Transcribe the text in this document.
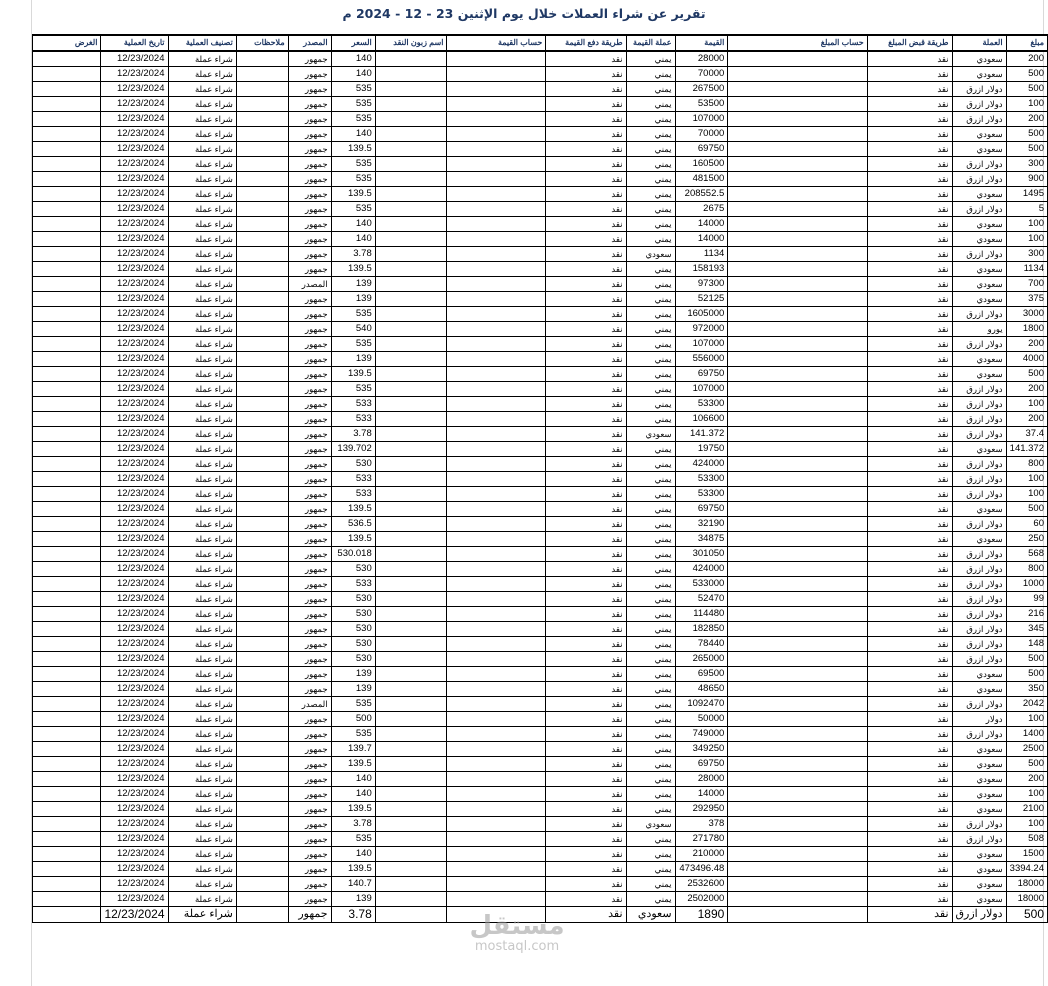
تقرير عن شراء العملات خلال يوم الإثنين 23 - 12 - 2024 م
الغرض	تاريخ العملية	تصنيف العملية	ملاحظات	المصدر	السعر	اسم زبون النقد	حساب القيمة	طريقة دفع القيمة	عملة القيمة	القيمة	حساب المبلغ	طريقة قبض المبلغ	العملة	مبلغ
	12/23/2024	شراء عملة		جمهور	140			نقد	يمني	28000		نقد	سعودي	200
	12/23/2024	شراء عملة		جمهور	140			نقد	يمني	70000		نقد	سعودي	500
	12/23/2024	شراء عملة		جمهور	535			نقد	يمني	267500		نقد	دولار ازرق	500
	12/23/2024	شراء عملة		جمهور	535			نقد	يمني	53500		نقد	دولار ازرق	100
	12/23/2024	شراء عملة		جمهور	535			نقد	يمني	107000		نقد	دولار ازرق	200
	12/23/2024	شراء عملة		جمهور	140			نقد	يمني	70000		نقد	سعودي	500
	12/23/2024	شراء عملة		جمهور	139.5			نقد	يمني	69750		نقد	سعودي	500
	12/23/2024	شراء عملة		جمهور	535			نقد	يمني	160500		نقد	دولار ازرق	300
	12/23/2024	شراء عملة		جمهور	535			نقد	يمني	481500		نقد	دولار ازرق	900
	12/23/2024	شراء عملة		جمهور	139.5			نقد	يمني	208552.5		نقد	سعودي	1495
	12/23/2024	شراء عملة		جمهور	535			نقد	يمني	2675		نقد	دولار ازرق	5
	12/23/2024	شراء عملة		جمهور	140			نقد	يمني	14000		نقد	سعودي	100
	12/23/2024	شراء عملة		جمهور	140			نقد	يمني	14000		نقد	سعودي	100
	12/23/2024	شراء عملة		جمهور	3.78			نقد	سعودي	1134		نقد	دولار ازرق	300
	12/23/2024	شراء عملة		جمهور	139.5			نقد	يمني	158193		نقد	سعودي	1134
	12/23/2024	شراء عملة		المصدر	139			نقد	يمني	97300		نقد	سعودي	700
	12/23/2024	شراء عملة		جمهور	139			نقد	يمني	52125		نقد	سعودي	375
	12/23/2024	شراء عملة		جمهور	535			نقد	يمني	1605000		نقد	دولار ازرق	3000
	12/23/2024	شراء عملة		جمهور	540			نقد	يمني	972000		نقد	يورو	1800
	12/23/2024	شراء عملة		جمهور	535			نقد	يمني	107000		نقد	دولار ازرق	200
	12/23/2024	شراء عملة		جمهور	139			نقد	يمني	556000		نقد	سعودي	4000
	12/23/2024	شراء عملة		جمهور	139.5			نقد	يمني	69750		نقد	سعودي	500
	12/23/2024	شراء عملة		جمهور	535			نقد	يمني	107000		نقد	دولار ازرق	200
	12/23/2024	شراء عملة		جمهور	533			نقد	يمني	53300		نقد	دولار ازرق	100
	12/23/2024	شراء عملة		جمهور	533			نقد	يمني	106600		نقد	دولار ازرق	200
	12/23/2024	شراء عملة		جمهور	3.78			نقد	سعودي	141.372		نقد	دولار ازرق	37.4
	12/23/2024	شراء عملة		جمهور	139.702			نقد	يمني	19750		نقد	سعودي	141.372
	12/23/2024	شراء عملة		جمهور	530			نقد	يمني	424000		نقد	دولار ازرق	800
	12/23/2024	شراء عملة		جمهور	533			نقد	يمني	53300		نقد	دولار ازرق	100
	12/23/2024	شراء عملة		جمهور	533			نقد	يمني	53300		نقد	دولار ازرق	100
	12/23/2024	شراء عملة		جمهور	139.5			نقد	يمني	69750		نقد	سعودي	500
	12/23/2024	شراء عملة		جمهور	536.5			نقد	يمني	32190		نقد	دولار ازرق	60
	12/23/2024	شراء عملة		جمهور	139.5			نقد	يمني	34875		نقد	سعودي	250
	12/23/2024	شراء عملة		جمهور	530.018			نقد	يمني	301050		نقد	دولار ازرق	568
	12/23/2024	شراء عملة		جمهور	530			نقد	يمني	424000		نقد	دولار ازرق	800
	12/23/2024	شراء عملة		جمهور	533			نقد	يمني	533000		نقد	دولار ازرق	1000
	12/23/2024	شراء عملة		جمهور	530			نقد	يمني	52470		نقد	دولار ازرق	99
	12/23/2024	شراء عملة		جمهور	530			نقد	يمني	114480		نقد	دولار ازرق	216
	12/23/2024	شراء عملة		جمهور	530			نقد	يمني	182850		نقد	دولار ازرق	345
	12/23/2024	شراء عملة		جمهور	530			نقد	يمني	78440		نقد	دولار ازرق	148
	12/23/2024	شراء عملة		جمهور	530			نقد	يمني	265000		نقد	دولار ازرق	500
	12/23/2024	شراء عملة		جمهور	139			نقد	يمني	69500		نقد	سعودي	500
	12/23/2024	شراء عملة		جمهور	139			نقد	يمني	48650		نقد	سعودي	350
	12/23/2024	شراء عملة		المصدر	535			نقد	يمني	1092470		نقد	دولار ازرق	2042
	12/23/2024	شراء عملة		جمهور	500			نقد	يمني	50000		نقد	دولار	100
	12/23/2024	شراء عملة		جمهور	535			نقد	يمني	749000		نقد	دولار ازرق	1400
	12/23/2024	شراء عملة		جمهور	139.7			نقد	يمني	349250		نقد	سعودي	2500
	12/23/2024	شراء عملة		جمهور	139.5			نقد	يمني	69750		نقد	سعودي	500
	12/23/2024	شراء عملة		جمهور	140			نقد	يمني	28000		نقد	سعودي	200
	12/23/2024	شراء عملة		جمهور	140			نقد	يمني	14000		نقد	سعودي	100
	12/23/2024	شراء عملة		جمهور	139.5			نقد	يمني	292950		نقد	سعودي	2100
	12/23/2024	شراء عملة		جمهور	3.78			نقد	سعودي	378		نقد	دولار ازرق	100
	12/23/2024	شراء عملة		جمهور	535			نقد	يمني	271780		نقد	دولار ازرق	508
	12/23/2024	شراء عملة		جمهور	140			نقد	يمني	210000		نقد	سعودي	1500
	12/23/2024	شراء عملة		جمهور	139.5			نقد	يمني	473496.48		نقد	سعودي	3394.24
	12/23/2024	شراء عملة		جمهور	140.7			نقد	يمني	2532600		نقد	سعودي	18000
	12/23/2024	شراء عملة		جمهور	139			نقد	يمني	2502000		نقد	سعودي	18000
	12/23/2024	شراء عملة		جمهور	3.78			نقد	سعودي	1890		نقد	دولار ازرق	500
مستقل
mostaql.com
